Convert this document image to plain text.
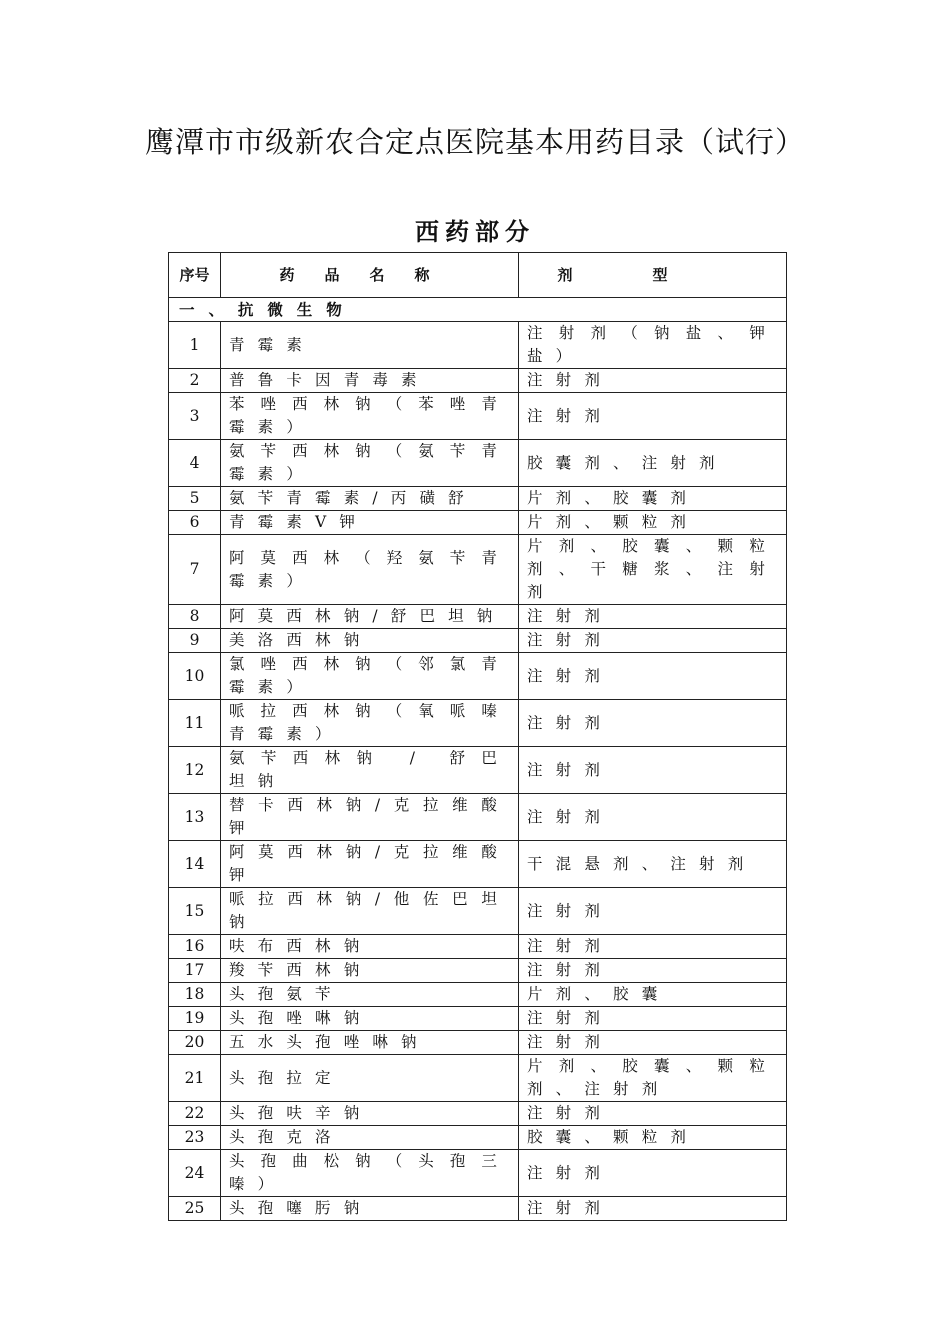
鹰潭市市级新农合定点医院基本用药目录（试行）
西药部分
序号	药品名称	剂型
一、抗微生物		
1	青霉素	注射剂（钠盐、钾盐）
2	普鲁卡因青毒素	注射剂
3	苯唑西林钠（苯唑青霉素）	注射剂
4	氨苄西林钠（氨苄青霉素）	胶囊剂、注射剂
5	氨苄青霉素/丙磺舒	片剂、胶囊剂
6	青霉素V钾	片剂、颗粒剂
7	阿莫西林（羟氨苄青霉素）	片剂、胶囊、颗粒剂、干糖浆、注射剂
8	阿莫西林钠/舒巴坦钠	注射剂
9	美洛西林钠	注射剂
10	氯唑西林钠（邻氯青霉素）	注射剂
11	哌拉西林钠（氧哌嗪青霉素）	注射剂
12	氨苄西林钠 / 舒巴坦钠	注射剂
13	替卡西林钠/克拉维酸钾	注射剂
14	阿莫西林钠/克拉维酸钾	干混悬剂、注射剂
15	哌拉西林钠/他佐巴坦钠	注射剂
16	呋布西林钠	注射剂
17	羧苄西林钠	注射剂
18	头孢氨苄	片剂、胶囊
19	头孢唑啉钠	注射剂
20	五水头孢唑啉钠	注射剂
21	头孢拉定	片剂、胶囊、颗粒剂、注射剂
22	头孢呋辛钠	注射剂
23	头孢克洛	胶囊、颗粒剂
24	头孢曲松钠（头孢三嗪）	注射剂
25	头孢噻肟钠	注射剂
